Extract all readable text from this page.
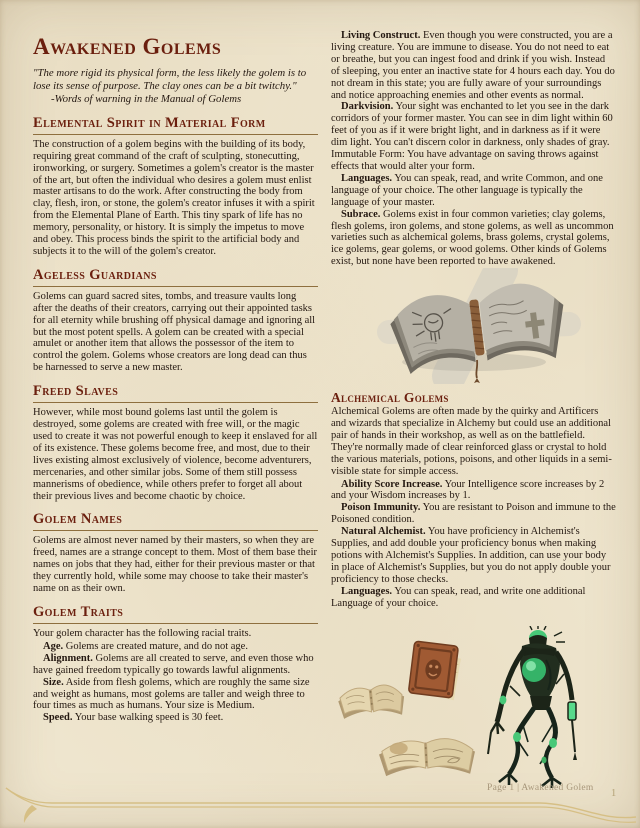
Awakened Golems
"The more rigid its physical form, the less likely the golem is to lose its sense of purpose. The clay ones can be a bit twitchy."
-Words of warning in the Manual of Golems
Elemental Spirit in Material Form

The construction of a golem begins with the building of its body, requiring great command of the craft of sculpting, stonecutting, ironworking, or surgery. Sometimes a golem's creator is the master of the art, but often the individual who desires a golem must enlist master artisans to do the work. After constructing the body from clay, flesh, iron, or stone, the golem's creator infuses it with a spirit from the Elemental Plane of Earth. This tiny spark of life has no memory, personality, or history. It is simply the impetus to move and obey. This process binds the spirit to the artificial body and subjects it to the will of the golem's creator.

Ageless Guardians

Golems can guard sacred sites, tombs, and treasure vaults long after the deaths of their creators, carrying out their appointed tasks for all eternity while brushing off physical damage and ignoring all but the most potent spells. A golem can be created with a special amulet or another item that allows the possessor of the item to control the golem. Golems whose creators are long dead can thus be harnessed to serve a new master.

Freed Slaves

However, while most bound golems last until the golem is destroyed, some golems are created with free will, or the magic used to create it was not powerful enough to keep it enslaved for all of its existence. These golems become free, and most, due to their lives existing almost exclusively of violence, become adventurers, mercenaries, and other similar jobs. Some of them still possess mannerisms of obedience, while others prefer to forget all about their previous lives and become chaotic by choice.

Golem Names

Golems are almost never named by their masters, so when they are freed, names are a strange concept to them. Most of them base their names on jobs that they had, either for their previous master or that they currently hold, while some may choose to take their master's name on as their own.

Golem Traits

Your golem character has the following racial traits.

Age. Golems are created mature, and do not age.

Alignment. Golems are all created to serve, and even those who have gained freedom typically go towards lawful alignments.

Size. Aside from flesh golems, which are roughly the same size and weight as humans, most golems are taller and weigh three to four times as much as humans. Your size is Medium.

Speed. Your base walking speed is 30 feet.

Living Construct. Even though you were constructed, you are a living creature. You are immune to disease. You do not need to eat or breathe, but you can ingest food and drink if you wish. Instead of sleeping, you enter an inactive state for 4 hours each day. You do not dream in this state; you are fully aware of your surroundings and notice approaching enemies and other events as normal.

Darkvision. Your sight was enchanted to let you see in the dark corridors of your former master. You can see in dim light within 60 feet of you as if it were bright light, and in darkness as if it were dim light. You can't discern color in darkness, only shades of gray. Immutable Form: You have advantage on saving throws against effects that would alter your form.

Languages. You can speak, read, and write Common, and one language of your choice. The other language is typically the language of your master.

Subrace. Golems exist in four common varieties; clay golems, flesh golems, iron golems, and stone golems, as well as uncommon varieties such as alchemical golems, brass golems, crystal golems, ice golems, gear golems, or wood golems. Other kinds of Golems exist, but none have been reported to have awakened.

Alchemical Golems

Alchemical Golems are often made by the quirky and Artificers and wizards that specialize in Alchemy but could use an additional pair of hands in their workshop, as well as on the battlefield. They're normally made of clear reinforced glass or crystal to hold the various materials, potions, poisons, and other liquids in a semi-visible state for simple access.

Ability Score Increase. Your Intelligence score increases by 2 and your Wisdom increases by 1.

Poison Immunity. You are resistant to Poison and immune to the Poisoned condition.

Natural Alchemist. You have proficiency in Alchemist's Supplies, and add double your proficiency bonus when making potions with Alchemist's Supplies. In addition, can use your body in place of Alchemist's Supplies, but you do not apply double your proficiency to those checks.

Languages. You can speak, read, and write one additional Language of your choice.

Page 1 | Awakened Golem 1
